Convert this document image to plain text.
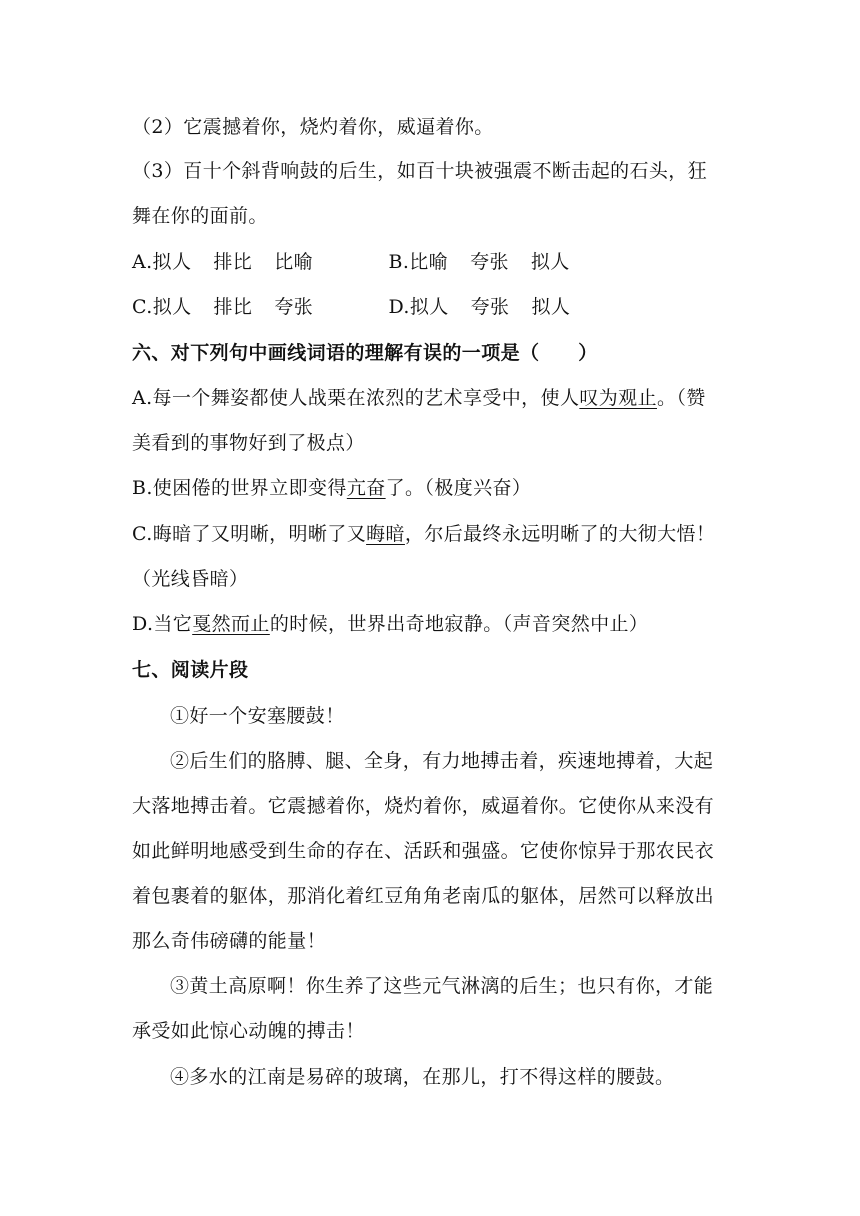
（2）它震撼着你，烧灼着你，威逼着你。
（3）百十个斜背响鼓的后生，如百十块被强震不断击起的石头，狂
舞在你的面前。
A.拟人 排比 比喻	B.比喻 夸张 拟人
C.拟人 排比 夸张	D.拟人 夸张 拟人
六、对下列句中画线词语的理解有误的一项是（　　）
A.每一个舞姿都使人战栗在浓烈的艺术享受中，使人叹为观止。（赞
美看到的事物好到了极点）
B.使困倦的世界立即变得亢奋了。（极度兴奋）
C.晦暗了又明晰，明晰了又晦暗，尔后最终永远明晰了的大彻大悟！
（光线昏暗）
D.当它戛然而止的时候，世界出奇地寂静。（声音突然中止）
七、阅读片段
①好一个安塞腰鼓！
②后生们的胳膊、腿、全身，有力地搏击着，疾速地搏着，大起
大落地搏击着。它震撼着你，烧灼着你，威逼着你。它使你从来没有
如此鲜明地感受到生命的存在、活跃和强盛。它使你惊异于那农民衣
着包裹着的躯体，那消化着红豆角角老南瓜的躯体，居然可以释放出
那么奇伟磅礴的能量！
③黄土高原啊！你生养了这些元气淋漓的后生；也只有你，才能
承受如此惊心动魄的搏击！
④多水的江南是易碎的玻璃，在那儿，打不得这样的腰鼓。
